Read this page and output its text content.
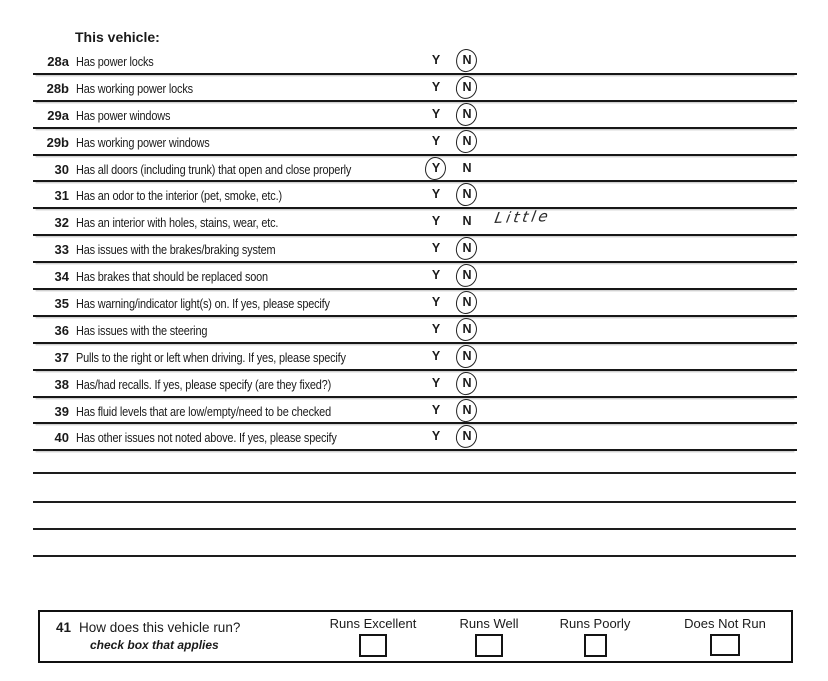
This vehicle:
28a Has power locks	Y	N
28b Has working power locks	Y	N
29a Has power windows	Y	N
29b Has working power windows	Y	N
30 Has all doors (including trunk) that open and close properly	Y	N
31 Has an odor to the interior (pet, smoke, etc.)	Y	N
32 Has an interior with holes, stains, wear, etc.	Y	N Little
33 Has issues with the brakes/braking system	Y	N
34 Has brakes that should be replaced soon	Y	N
35 Has warning/indicator light(s) on. If yes, please specify	Y	N
36 Has issues with the steering	Y	N
37 Pulls to the right or left when driving. If yes, please specify	Y	N
38 Has/had recalls. If yes, please specify (are they fixed?)	Y	N
39 Has fluid levels that are low/empty/need to be checked	Y	N
40 Has other issues not noted above. If yes, please specify	Y	N
Runs Excellent	Runs Well	Runs Poorly	Does Not Run
41 How does this vehicle run?
check box that applies
